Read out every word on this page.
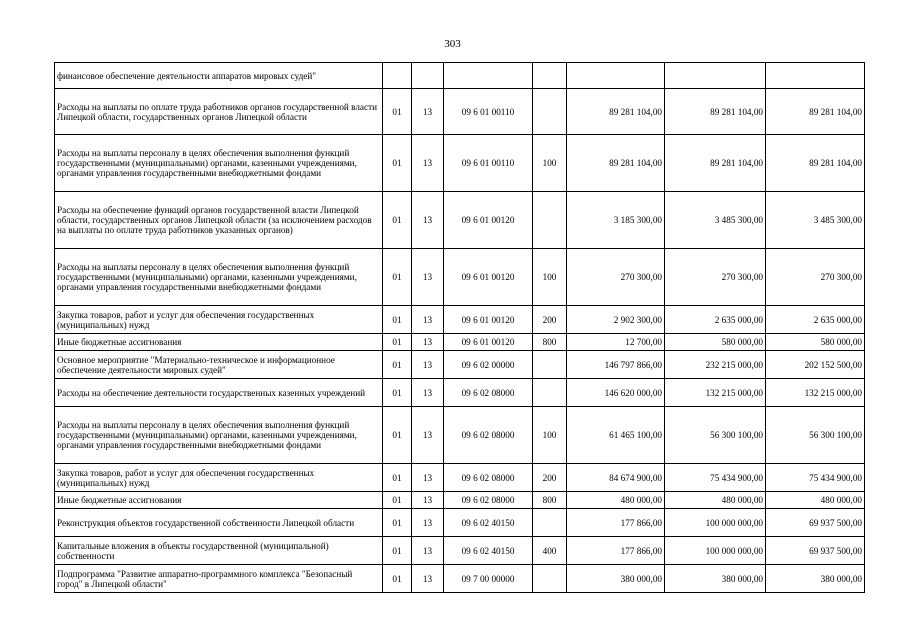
303
финансовое обеспечение деятельности аппаратов мировых судей"							
Расходы на выплаты по оплате труда работников органов государственной власти Липецкой области, государственных органов Липецкой области	01	13	09 6 01 00110		89 281 104,00	89 281 104,00	89 281 104,00
Расходы на выплаты персоналу в целях обеспечения выполнения функций государственными (муниципальными) органами, казенными учреждениями, органами управления государственными внебюджетными фондами	01	13	09 6 01 00110	100	89 281 104,00	89 281 104,00	89 281 104,00
Расходы на обеспечение функций органов государственной власти Липецкой области, государственных органов Липецкой области (за исключением расходов на выплаты по оплате труда работников указанных органов)	01	13	09 6 01 00120		3 185 300,00	3 485 300,00	3 485 300,00
Расходы на выплаты персоналу в целях обеспечения выполнения функций государственными (муниципальными) органами, казенными учреждениями, органами управления государственными внебюджетными фондами	01	13	09 6 01 00120	100	270 300,00	270 300,00	270 300,00
Закупка товаров, работ и услуг для обеспечения государственных (муниципальных) нужд	01	13	09 6 01 00120	200	2 902 300,00	2 635 000,00	2 635 000,00
Иные бюджетные ассигнования	01	13	09 6 01 00120	800	12 700,00	580 000,00	580 000,00
Основное мероприятие "Материально-техническое и информационное обеспечение деятельности мировых судей"	01	13	09 6 02 00000		146 797 866,00	232 215 000,00	202 152 500,00
Расходы на обеспечение деятельности государственных казенных учреждений	01	13	09 6 02 08000		146 620 000,00	132 215 000,00	132 215 000,00
Расходы на выплаты персоналу в целях обеспечения выполнения функций государственными (муниципальными) органами, казенными учреждениями, органами управления государственными внебюджетными фондами	01	13	09 6 02 08000	100	61 465 100,00	56 300 100,00	56 300 100,00
Закупка товаров, работ и услуг для обеспечения государственных (муниципальных) нужд	01	13	09 6 02 08000	200	84 674 900,00	75 434 900,00	75 434 900,00
Иные бюджетные ассигнования	01	13	09 6 02 08000	800	480 000,00	480 000,00	480 000,00
Реконструкция объектов государственной собственности Липецкой области	01	13	09 6 02 40150		177 866,00	100 000 000,00	69 937 500,00
Капитальные вложения в объекты государственной (муниципальной) собственности	01	13	09 6 02 40150	400	177 866,00	100 000 000,00	69 937 500,00
Подпрограмма "Развитие аппаратно-программного комплекса "Безопасный город" в Липецкой области"	01	13	09 7 00 00000		380 000,00	380 000,00	380 000,00
